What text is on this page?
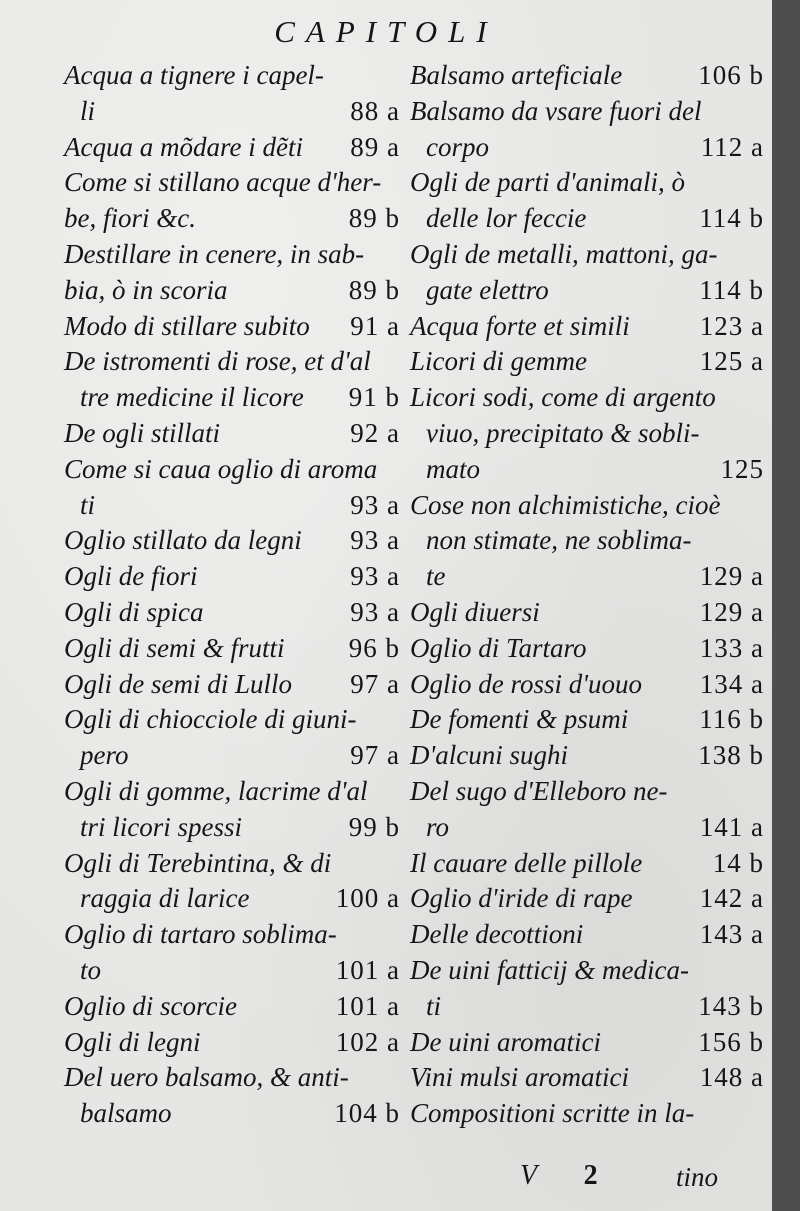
CAPITOLI
Acqua a tignere i capel-
li	88 a
Acqua a mõdare i dẽti 89 a
Come si stillano acque d'her-
be, fiori &c.	89 b
Destillare in cenere, in sab-
bia, ò in scoria	89 b
Modo di stillare subito 91 a
De istromenti di rose, et d'al
tre medicine il licore 91 b
De ogli stillati	92 a
Come si caua oglio di aroma
ti	93 a
Oglio stillato da legni 93 a
Ogli de fiori	93 a
Ogli di spica	93 a
Ogli di semi & frutti 96 b
Ogli de semi di Lullo 97 a
Ogli di chiocciole di giuni-
pero	97 a
Ogli di gomme, lacrime d'al
tri licori spessi	99 b
Ogli di Terebintina, & di
raggia di larice	100 a
Oglio di tartaro soblima-
to	101 a
Oglio di scorcie	101 a
Ogli di legni	102 a
Del uero balsamo, & anti-
balsamo	104 b
Balsamo arteficiale	106 b
Balsamo da vsare fuori del
corpo	112 a
Ogli de parti d'animali, ò
delle lor feccie	114 b
Ogli de metalli, mattoni, ga-
gate elettro	114 b
Acqua forte et simili	123 a
Licori di gemme	125 a
Licori sodi, come di argento
viuo, precipitato & sobli-
mato	125
Cose non alchimistiche, cioè
non stimate, ne soblima-
te	129 a
Ogli diuersi	129 a
Oglio di Tartaro	133 a
Oglio de rossi d'uouo 134 a
De fomenti & psumi	116 b
D'alcuni sughi	138 b
Del sugo d'Elleboro ne-
ro	141 a
Il cauare delle pillole	14 b
Oglio d'iride di rape 142 a
Delle decottioni	143 a
De uini fatticij & medica-
ti	143 b
De uini aromatici	156 b
Vini mulsi aromatici	148 a
Compositioni scritte in la-
V 2	tino
